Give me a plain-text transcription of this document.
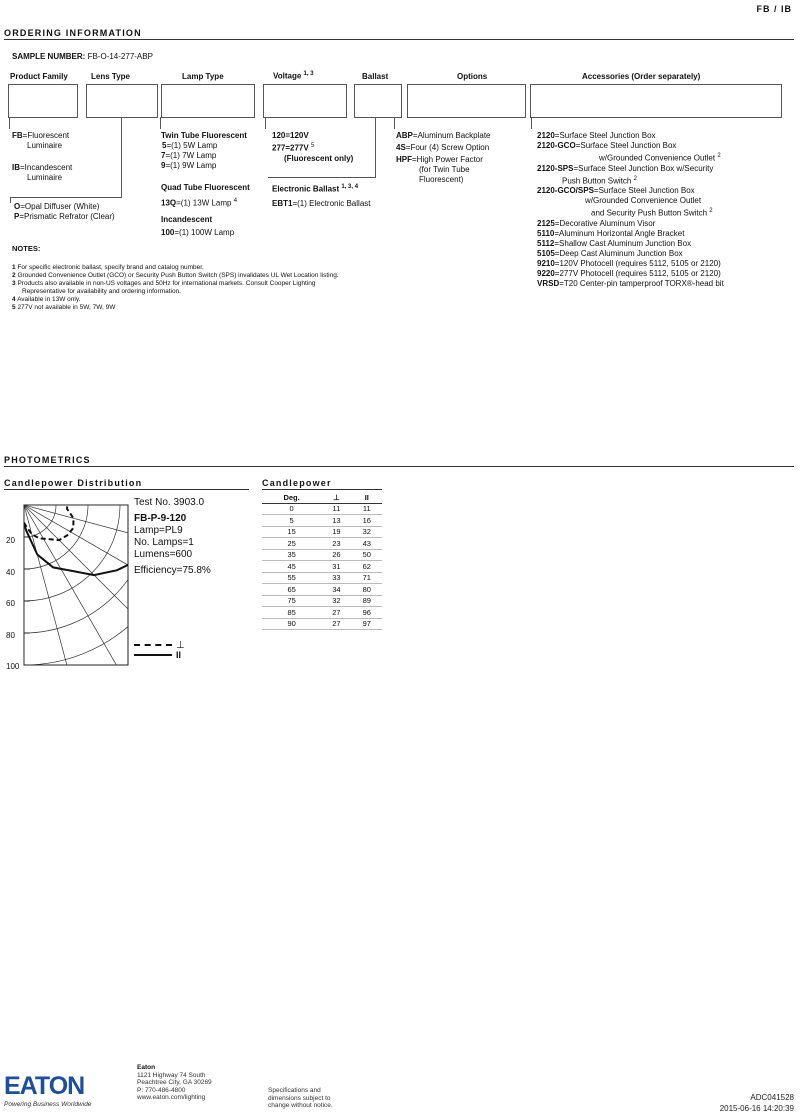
FB / IB
ORDERING INFORMATION
SAMPLE NUMBER: FB-O-14-277-ABP
Product Family	Lens Type	Lamp Type	Voltage $^{1, 3}$	Ballast	Options	Accessories (Order separately)
FB=Fluorescent
Luminaire
IB=Incandescent
Luminaire
O=Opal Diffuser (White)
P=Prismatic Refrator (Clear)
Twin Tube Fluorescent
5=(1) 5W Lamp
7=(1) 7W Lamp
9=(1) 9W Lamp
Quad Tube Fluorescent
13Q=(1) 13W Lamp $^4$
Incandescent
100=(1) 100W Lamp
120=120V
277=277V $^5$
(Fluorescent only)
Electronic Ballast $^{1, 3, 4}$
EBT1=(1) Electronic Ballast
ABP=Aluminum Backplate
4S=Four (4) Screw Option
HPF=High Power Factor
(for Twin Tube
Fluorescent)
2120=Surface Steel Junction Box
2120-GCO=Surface Steel Junction Box
w/Grounded Convenience Outlet $^2$
2120-SPS=Surface Steel Junction Box w/Security
Push Button Switch $^2$
2120-GCO/SPS=Surface Steel Junction Box
w/Grounded Convenience Outlet
and Security Push Button Switch $^2$
2125=Decorative Aluminum Visor
5110=Aluminum Horizontal Angle Bracket
5112=Shallow Cast Aluminum Junction Box
5105=Deep Cast Aluminum Junction Box
9210=120V Photocell (requires 5112, 5105 or 2120)
9220=277V Photocell (requires 5112, 5105 or 2120)
VRSD=T20 Center-pin tamperproof TORX®-head bit
NOTES:
1 For specific electronic ballast, specify brand and catalog number.
2 Grounded Convenience Outlet (GCO) or Security Push Button Switch (SPS) invalidates UL Wet Location listing.
3 Products also available in non-US voltages and 50Hz for international markets. Consult Cooper Lighting
Representative for availability and ordering information.
4 Available in 13W only.
5 277V not available in 5W, 7W, 9W
PHOTOMETRICS
Candlepower Distribution
20
40
60
80
100
Test No. 3903.0
FB-P-9-120
Lamp=PL9
No. Lamps=1
Lumens=600
Efficiency=75.8%
⊥
II
Candlepower
Deg.	⊥	II
0	11	11
5	13	16
15	19	32
25	23	43
35	26	50
45	31	62
55	33	71
65	34	80
75	32	89
85	27	96
90	27	97
EATON
Powering Business Worldwide
Eaton
1121 Highway 74 South
Peachtree City, GA 30269
P: 770-486-4800
www.eaton.com/lighting
Specifications and
dimensions subject to
change without notice.
ADC041528
2015-06-16 14:20:39
